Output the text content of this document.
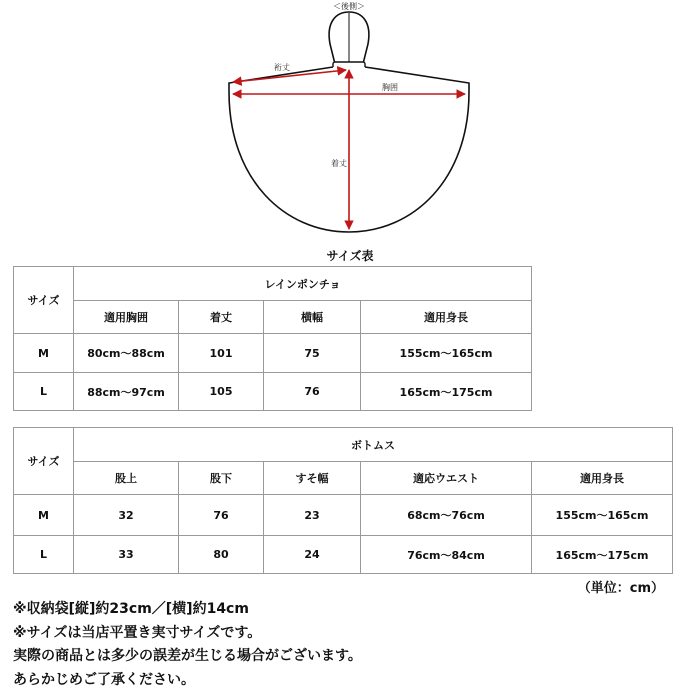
＜後側＞
裄丈
胸囲
着丈
サイズ表
サイズ	レインポンチョ			
	適用胸囲	着丈	横幅	適用身長
M	80cm〜88cm	101	75	155cm〜165cm
L	88cm〜97cm	105	76	165cm〜175cm
サイズ	ボトムス				
	股上	股下	すそ幅	適応ウエスト	適用身長
M	32	76	23	68cm〜76cm	155cm〜165cm
L	33	80	24	76cm〜84cm	165cm〜175cm
（単位：cm）
※収納袋[縦]約23cm／[横]約14cm
※サイズは当店平置き実寸サイズです。
実際の商品とは多少の誤差が生じる場合がございます。
あらかじめご了承ください。
